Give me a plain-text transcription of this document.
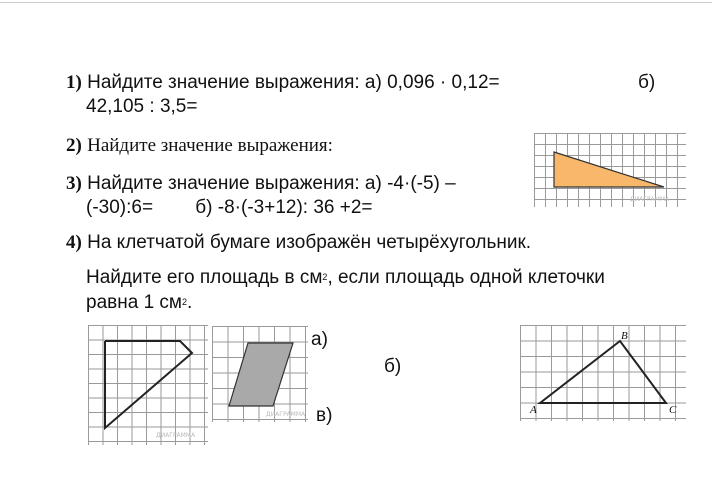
1) Найдите значение выражения: а) 0,096 · 0,12=	б)
42,105 : 3,5=
2) Найдите значение выражения:
3) Найдите значение выражения: а) -4·(-5) –
(-30):6=        б) -8·(-3+12): 36 +2=
4) На клетчатой бумаге изображён четырёхугольник.
Найдите его площадь в $см^2$, если площадь одной клеточки
равна 1 $см^2$.
ДИАГРАММА
ДИАГРАММА
ДИАГРАММА
а)
б)
в)	A
B
C
